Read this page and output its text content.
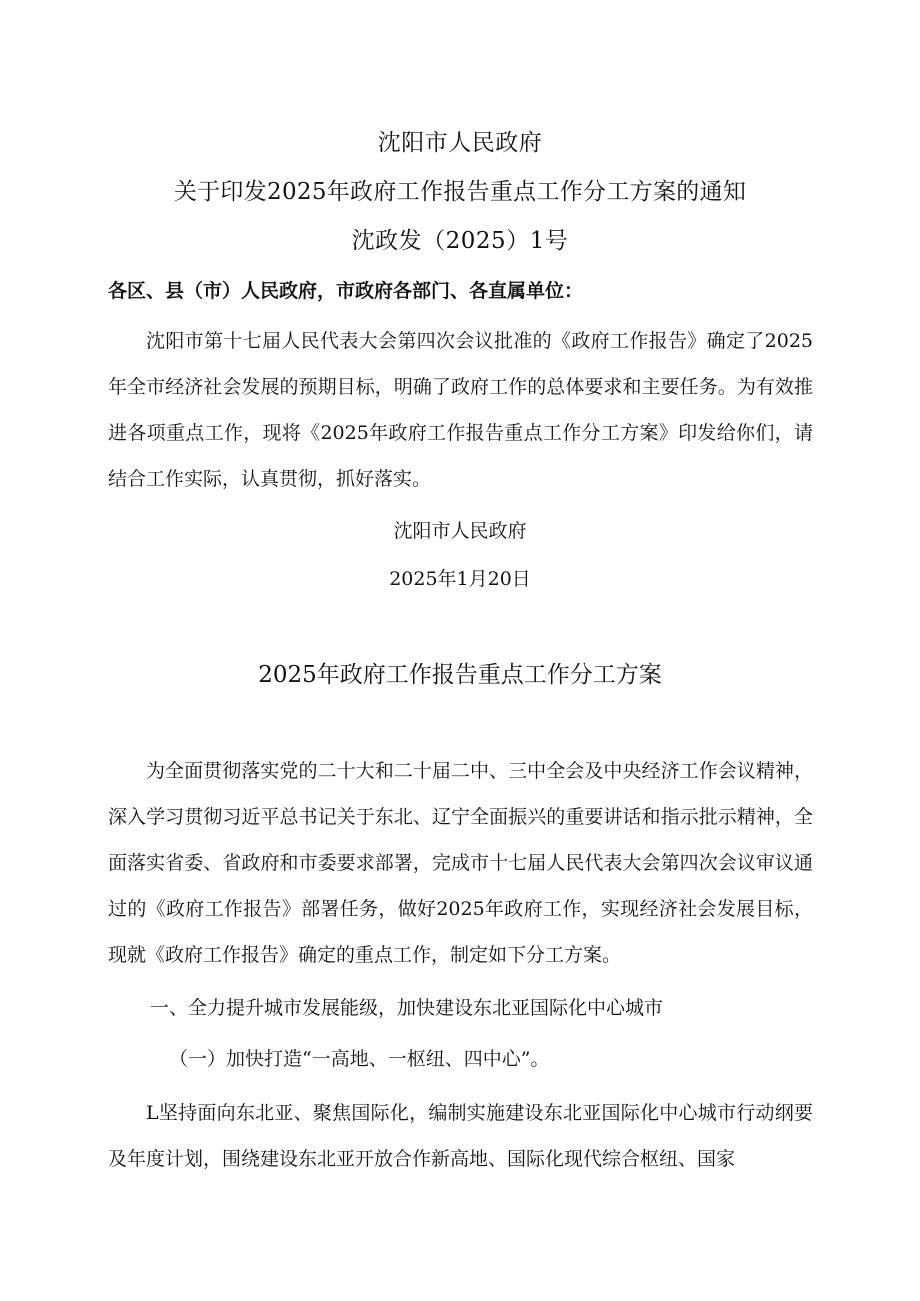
沈阳市人民政府
关于印发2025年政府工作报告重点工作分工方案的通知
沈政发（2025）1号
各区、县（市）人民政府，市政府各部门、各直属单位：
沈阳市第十七届人民代表大会第四次会议批准的《政府工作报告》确定了2025年全市经济社会发展的预期目标，明确了政府工作的总体要求和主要任务。为有效推进各项重点工作，现将《2025年政府工作报告重点工作分工方案》印发给你们，请结合工作实际，认真贯彻，抓好落实。
沈阳市人民政府
2025年1月20日
2025年政府工作报告重点工作分工方案
为全面贯彻落实党的二十大和二十届二中、三中全会及中央经济工作会议精神，深入学习贯彻习近平总书记关于东北、辽宁全面振兴的重要讲话和指示批示精神，全面落实省委、省政府和市委要求部署，完成市十七届人民代表大会第四次会议审议通过的《政府工作报告》部署任务，做好2025年政府工作，实现经济社会发展目标，现就《政府工作报告》确定的重点工作，制定如下分工方案。
一、全力提升城市发展能级，加快建设东北亚国际化中心城市
（一）加快打造“一高地、一枢纽、四中心”。
L坚持面向东北亚、聚焦国际化，编制实施建设东北亚国际化中心城市行动纲要及年度计划，围绕建设东北亚开放合作新高地、国际化现代综合枢纽、国家
